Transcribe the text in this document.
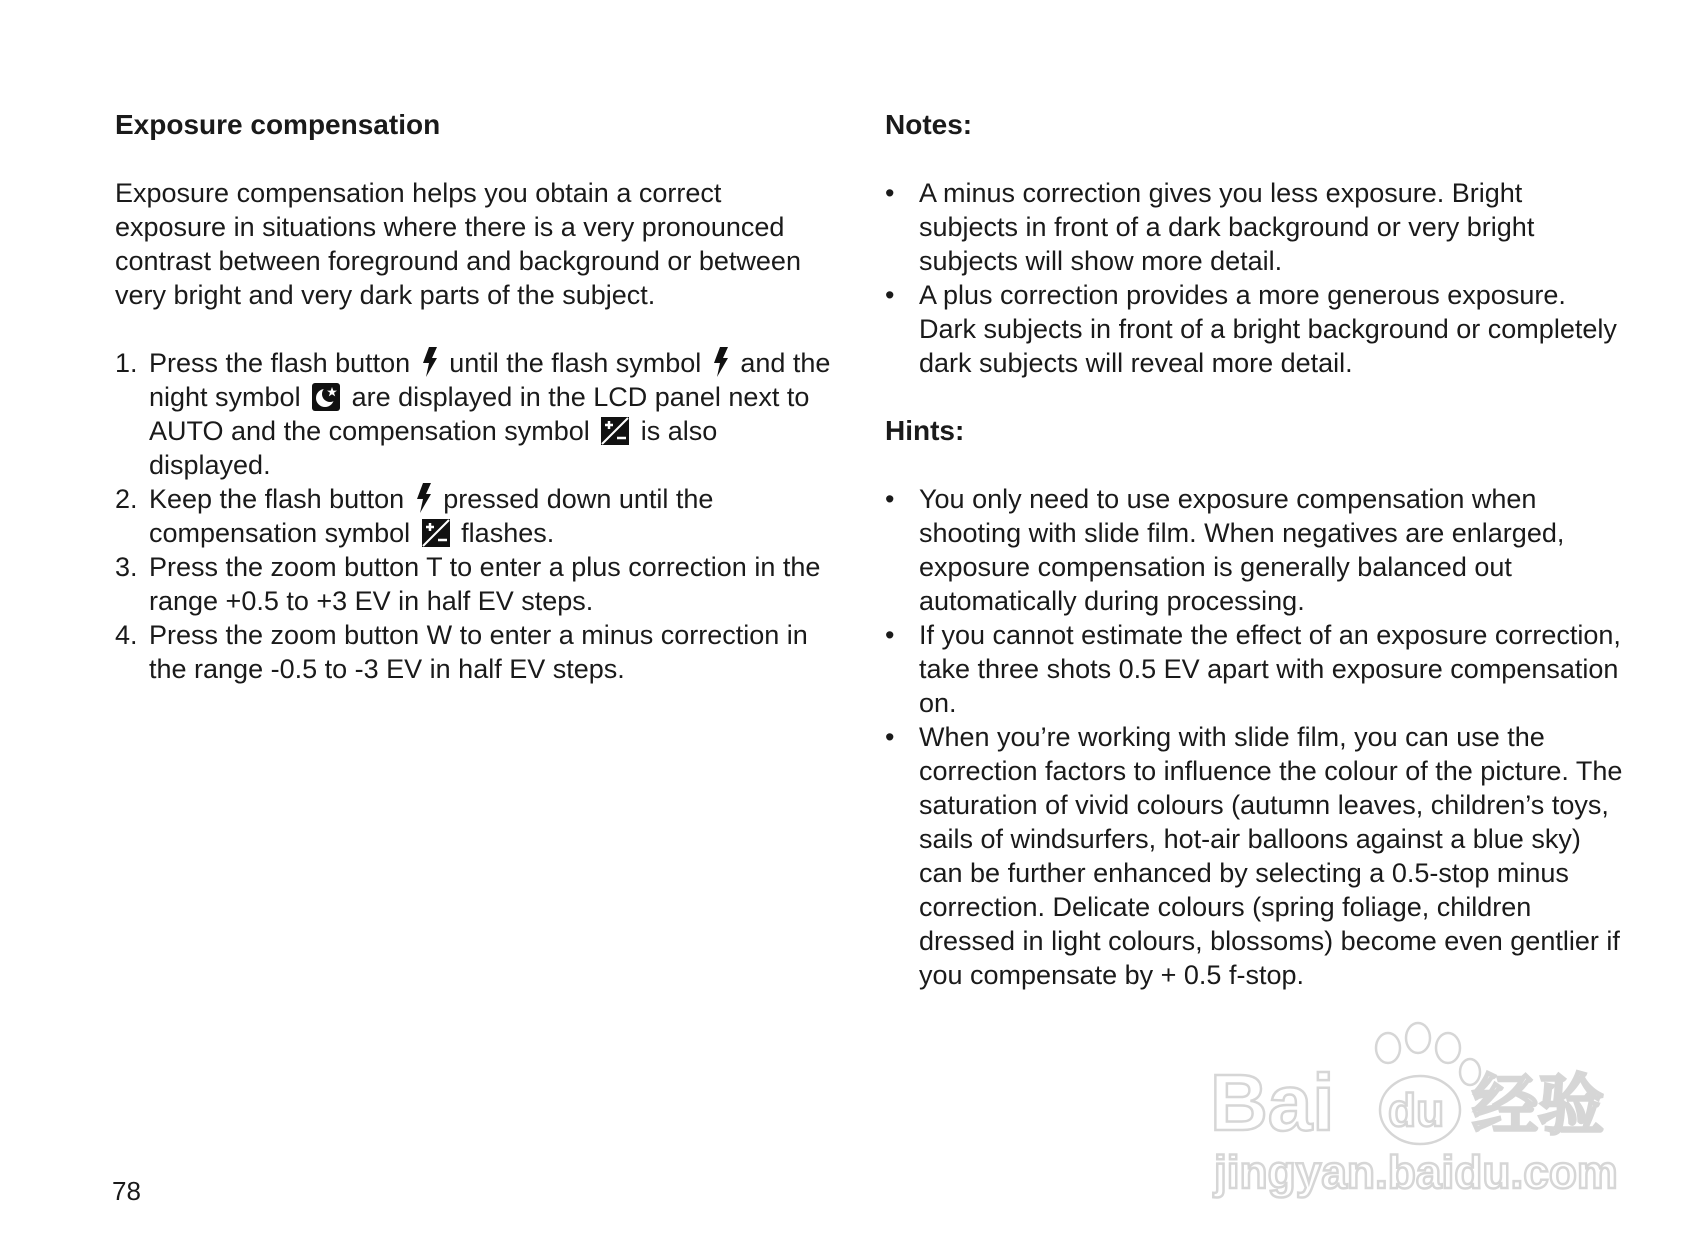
Exposure compensation

Exposure compensation helps you obtain a correct exposure in situations where there is a very pronounced contrast between foreground and background or between very bright and very dark parts of the subject.

1. Press the flash button until the flash symbol and the night symbol are displayed in the LCD panel next to AUTO and the compensation symbol is also displayed.
2. Keep the flash button pressed down until the compensation symbol flashes.
3. Press the zoom button T to enter a plus correction in the range +0.5 to +3 EV in half EV steps.
4. Press the zoom button W to enter a minus correction in the range -0.5 to -3 EV in half EV steps.
Notes:
• A minus correction gives you less exposure. Bright subjects in front of a dark background or very bright subjects will show more detail.
• A plus correction provides a more generous exposure. Dark subjects in front of a bright background or completely dark subjects will reveal more detail.
Hints:
• You only need to use exposure compensation when shooting with slide film. When negatives are enlarged, exposure compensation is generally balanced out automatically during processing.
• If you cannot estimate the effect of an exposure correction, take three shots 0.5 EV apart with exposure compensation on.
• When you’re working with slide film, you can use the correction factors to influence the colour of the picture. The saturation of vivid colours (autumn leaves, children’s toys, sails of windsurfers, hot-air balloons against a blue sky) can be further enhanced by selecting a 0.5-stop minus correction. Delicate colours (spring foliage, children dressed in light colours, blossoms) become even gentlier if you compensate by + 0.5 f-stop.
78
Bai du 经验
jingyan.baidu.com
